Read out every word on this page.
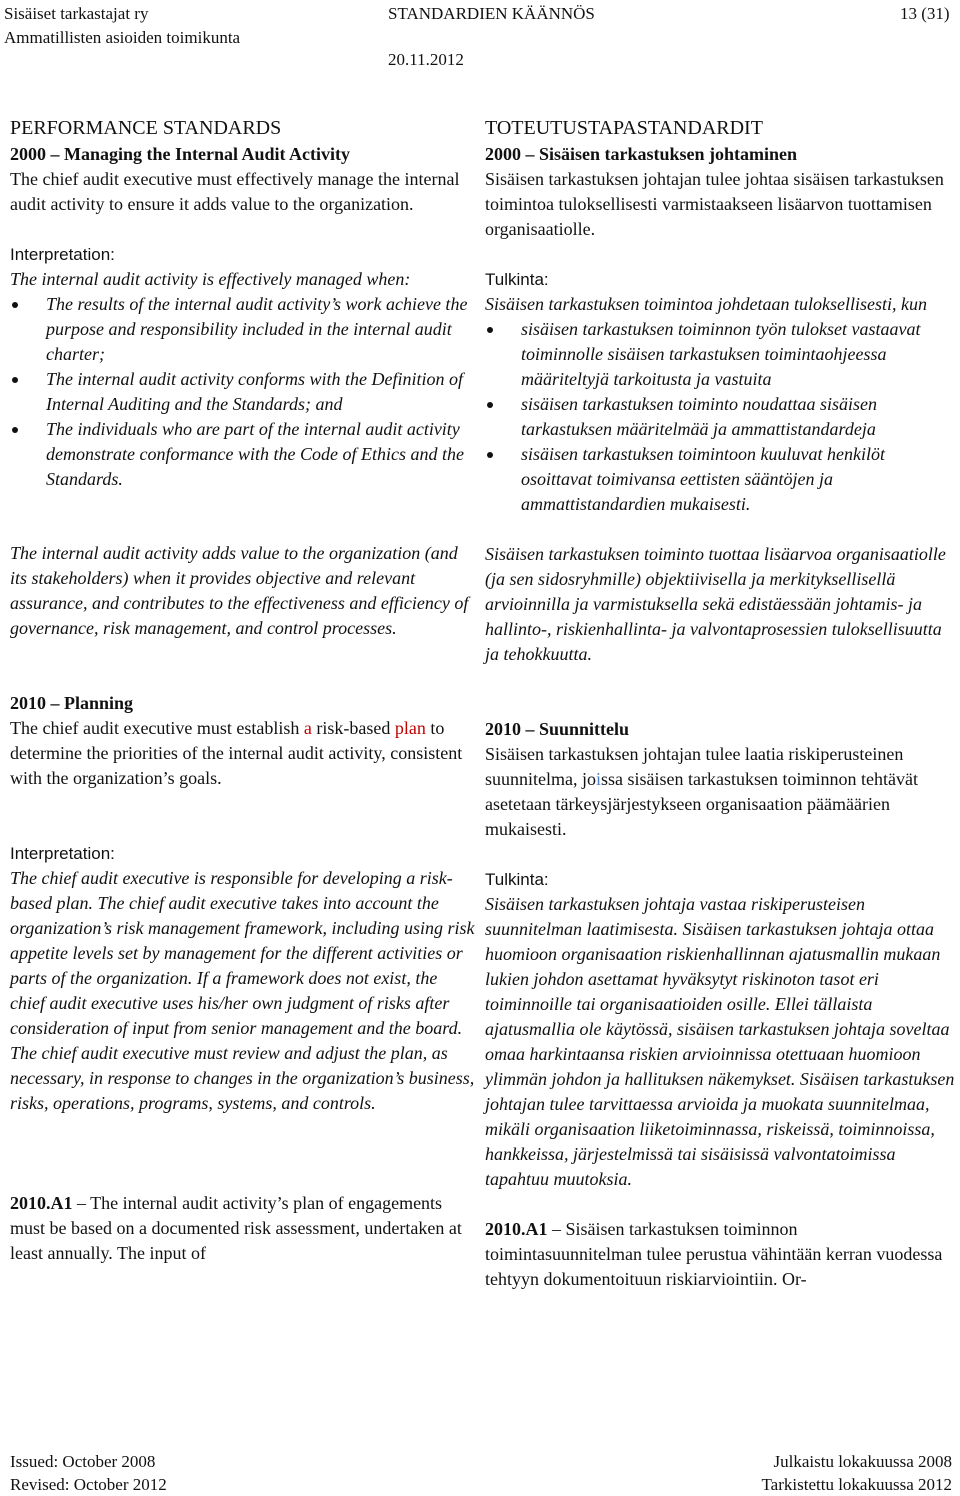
Sisäiset tarkastajat ry
Ammatillisten asioiden toimikunta
STANDARDIEN KÄÄNNÖS
20.11.2012
13 (31)

PERFORMANCE STANDARDS

2000 – Managing the Internal Audit Activity

The chief audit executive must effectively manage the internal audit activity to ensure it adds value to the organization.

Interpretation:

The internal audit activity is effectively managed when:

The results of the internal audit activity’s work achieve the purpose and responsibility included in the internal audit charter;
The internal audit activity conforms with the Definition of Internal Auditing and the Standards; and
The individuals who are part of the internal audit activity demonstrate conformance with the Code of Ethics and the Standards.

The internal audit activity adds value to the organization (and its stakeholders) when it provides objective and relevant assurance, and contributes to the effectiveness and efficiency of governance, risk management, and control processes.

2010 – Planning

The chief audit executive must establish a risk-based plan to determine the priorities of the internal audit activity, consistent with the organization’s goals.

Interpretation:

The chief audit executive is responsible for developing a risk-based plan. The chief audit executive takes into account the organization’s risk management framework, including using risk appetite levels set by management for the different activities or parts of the organization. If a framework does not exist, the chief audit executive uses his/her own judgment of risks after consideration of input from senior management and the board. The chief audit executive must review and adjust the plan, as necessary, in response to changes in the organization’s business, risks, operations, programs, systems, and controls.

2010.A1 – The internal audit activity’s plan of engagements must be based on a documented risk assessment, undertaken at least annually. The input of

TOTEUTUSTAPASTANDARDIT

2000 – Sisäisen tarkastuksen johtaminen

Sisäisen tarkastuksen johtajan tulee johtaa sisäisen tarkastuksen toimintoa tuloksellisesti varmistaakseen lisäarvon tuottamisen organisaatiolle.

Tulkinta:

Sisäisen tarkastuksen toimintoa johdetaan tuloksellisesti, kun

sisäisen tarkastuksen toiminnon työn tulokset vastaavat toiminnolle sisäisen tarkastuksen toimintaohjeessa määriteltyjä tarkoitusta ja vastuita
sisäisen tarkastuksen toiminto noudattaa sisäisen tarkastuksen määritelmää ja ammattistandardeja
sisäisen tarkastuksen toimintoon kuuluvat henkilöt osoittavat toimivansa eettisten sääntöjen ja ammattistandardien mukaisesti.

Sisäisen tarkastuksen toiminto tuottaa lisäarvoa organisaatiolle (ja sen sidosryhmille) objektiivisella ja merkityksellisellä arvioinnilla ja varmistuksella sekä edistäessään johtamis- ja hallinto-, riskienhallinta- ja valvontaprosessien tuloksellisuutta ja tehokkuutta.

2010 – Suunnittelu

Sisäisen tarkastuksen johtajan tulee laatia riskiperusteinen suunnitelma, joissa sisäisen tarkastuksen toiminnon tehtävät asetetaan tärkeysjärjestykseen organisaation päämäärien mukaisesti.

Tulkinta:

Sisäisen tarkastuksen johtaja vastaa riskiperusteisen suunnitelman laatimisesta. Sisäisen tarkastuksen johtaja ottaa huomioon organisaation riskienhallinnan ajatusmallin mukaan lukien johdon asettamat hyväksytyt riskinoton tasot eri toiminnoille tai organisaatioiden osille. Ellei tällaista ajatusmallia ole käytössä, sisäisen tarkastuksen johtaja soveltaa omaa harkintaansa riskien arvioinnissa otettuaan huomioon ylimmän johdon ja hallituksen näkemykset. Sisäisen tarkastuksen johtajan tulee tarvittaessa arvioida ja muokata suunnitelmaa, mikäli organisaation liiketoiminnassa, riskeissä, toiminnoissa, hankkeissa, järjestelmissä tai sisäisissä valvontatoimissa tapahtuu muutoksia.

2010.A1 – Sisäisen tarkastuksen toiminnon toimintasuunnitelman tulee perustua vähintään kerran vuodessa tehtyyn dokumentoituun riskiarviointiin. Or-

Issued: October 2008
Revised: October 2012
Julkaistu lokakuussa 2008
Tarkistettu lokakuussa 2012
